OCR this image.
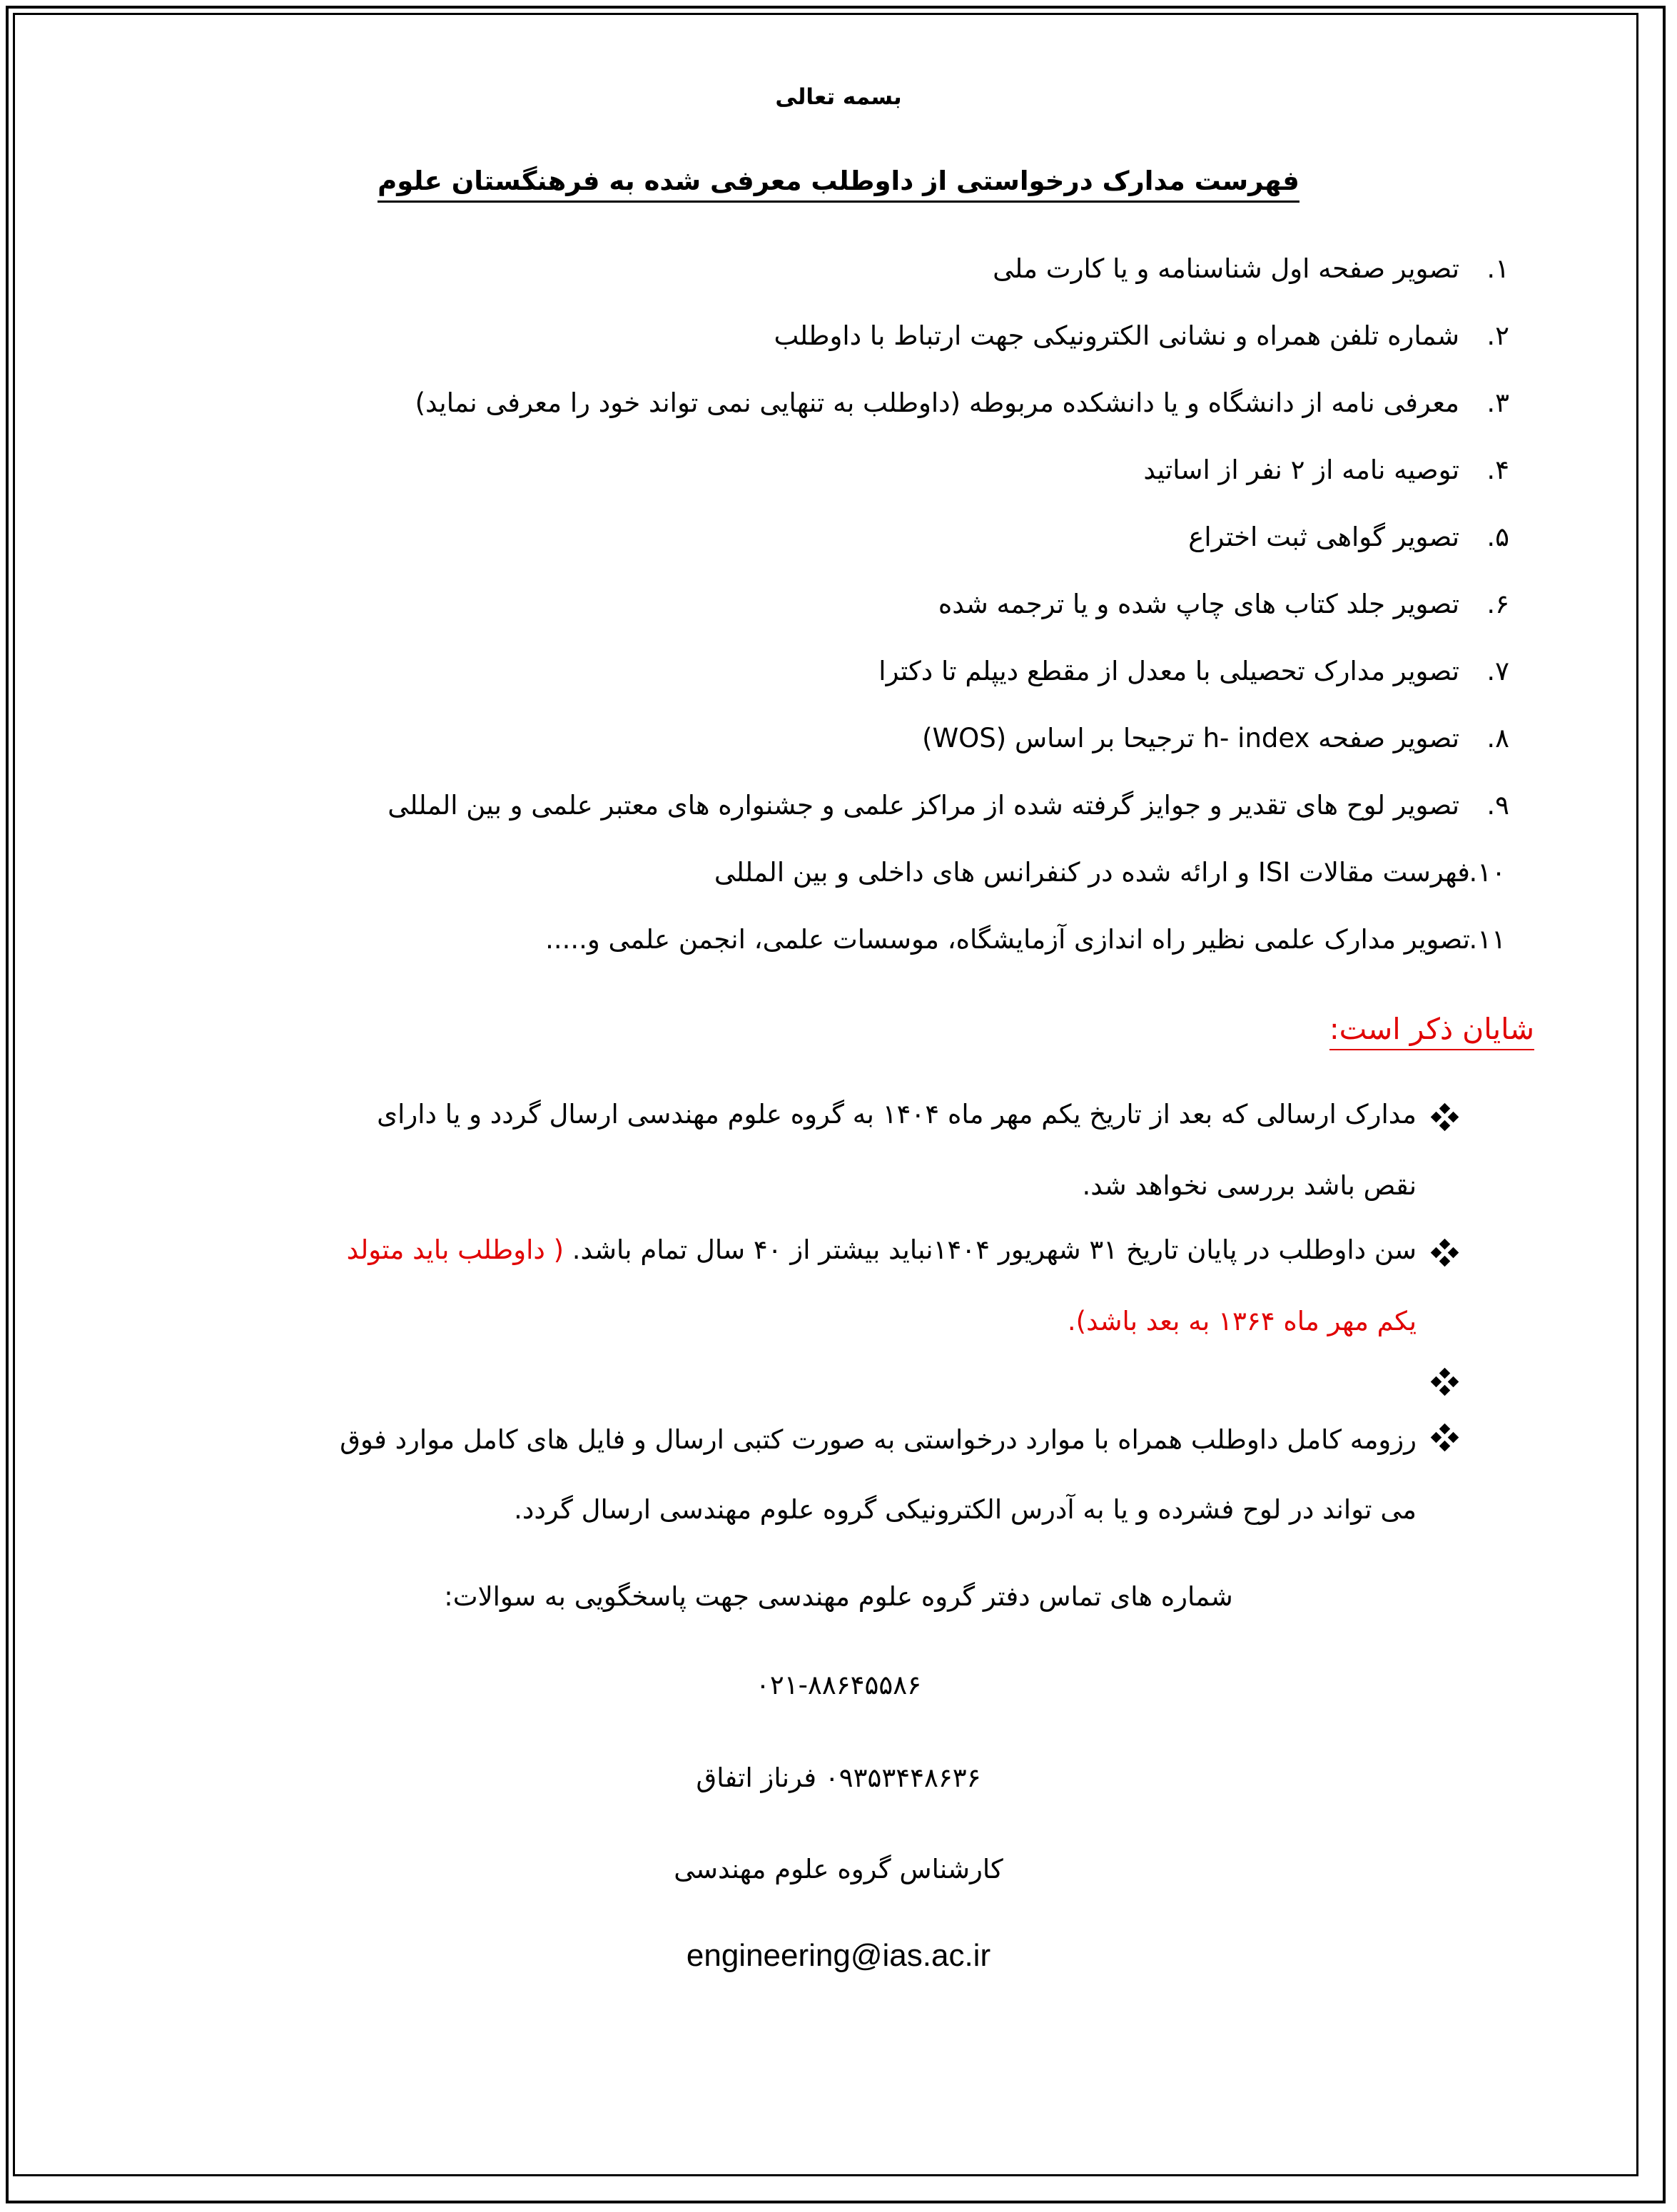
بسمه تعالی
فهرست مدارک درخواستی از داوطلب معرفی شده به فرهنگستان علوم
۱.
تصویر صفحه اول شناسنامه و یا کارت ملی
۲.
شماره تلفن همراه و نشانی الکترونیکی جهت ارتباط با داوطلب
۳.
معرفی نامه از دانشگاه و یا دانشکده مربوطه (داوطلب به تنهایی نمی تواند خود را معرفی نماید)
۴.
توصیه نامه از ۲ نفر از اساتید
۵.
تصویر گواهی ثبت اختراع
۶.
تصویر جلد کتاب های چاپ شده و یا ترجمه شده
۷.
تصویر مدارک تحصیلی با معدل از مقطع دیپلم تا دکترا
۸.
تصویر صفحه h- index ترجیحا بر اساس (WOS)
۹.
تصویر لوح های تقدیر و جوایز گرفته شده از مراکز علمی و جشنواره های معتبر علمی و بین المللی
۱۰.
فهرست مقالات ISI و ارائه شده در کنفرانس های داخلی و بین المللی
۱۱.
تصویر مدارک علمی نظیر راه اندازی آزمایشگاه، موسسات علمی، انجمن علمی و.....
شایان ذکر است:
مدارک ارسالی که بعد از تاریخ یکم مهر ماه ۱۴۰۴ به گروه علوم مهندسی ارسال گردد و یا دارای
نقص باشد بررسی نخواهد شد.
سن داوطلب در پایان تاریخ ۳۱ شهریور ۱۴۰۴نباید بیشتر از ۴۰ سال تمام باشد. ( داوطلب باید متولد
یکم مهر ماه ۱۳۶۴ به بعد باشد).
رزومه کامل داوطلب همراه با موارد درخواستی به صورت کتبی ارسال و فایل های کامل موارد فوق
می تواند در لوح فشرده و یا به آدرس الکترونیکی گروه علوم مهندسی ارسال گردد.
شماره های تماس دفتر گروه علوم مهندسی جهت پاسخگویی به سوالات:
۰۲۱-۸۸۶۴۵۵۸۶
۰۹۳۵۳۴۴۸۶۳۶ فرناز اتفاق
کارشناس گروه علوم مهندسی
engineering@ias.ac.ir
